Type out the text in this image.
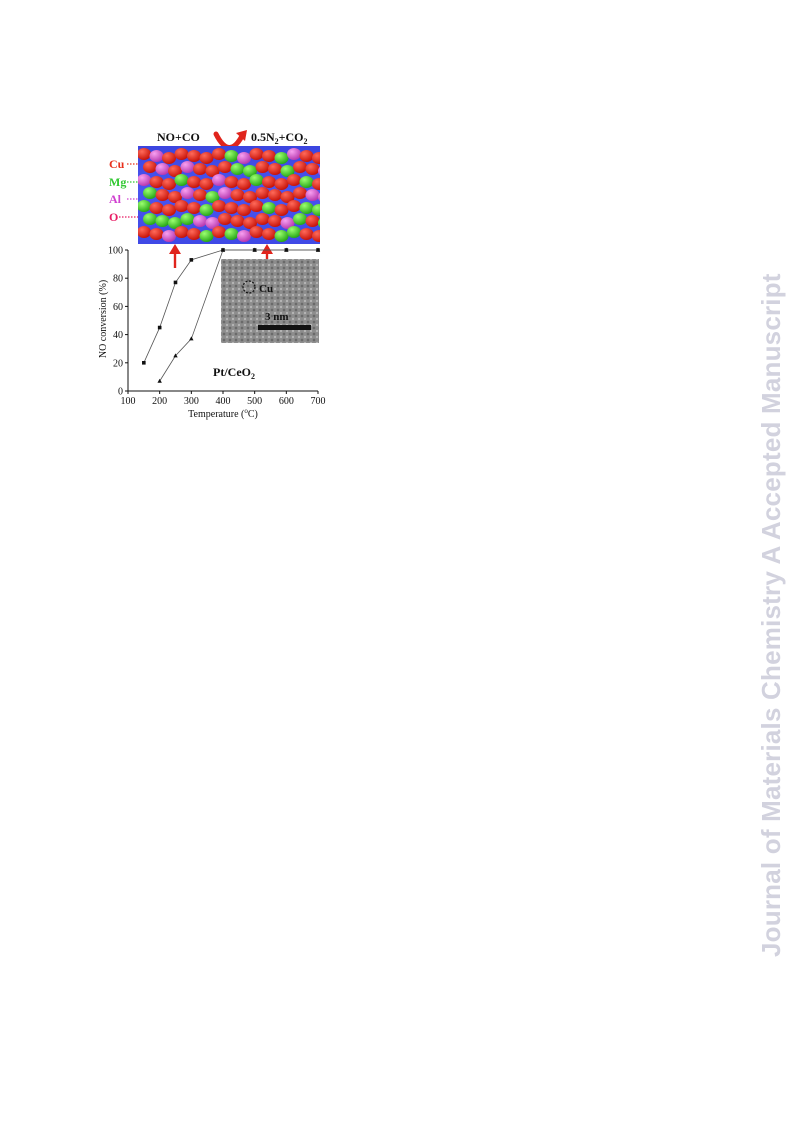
Journal of Materials Chemistry A Accepted Manuscript
NO+CO	$0.5N_2+CO_2$
Cu
Mg
Al
O
Cu
3 nm
100 200 300 400 500 600 700
0
20
40
60
80
100
Pt/CeO$_2$
Temperature ($^o$C)
NO conversion (%)
